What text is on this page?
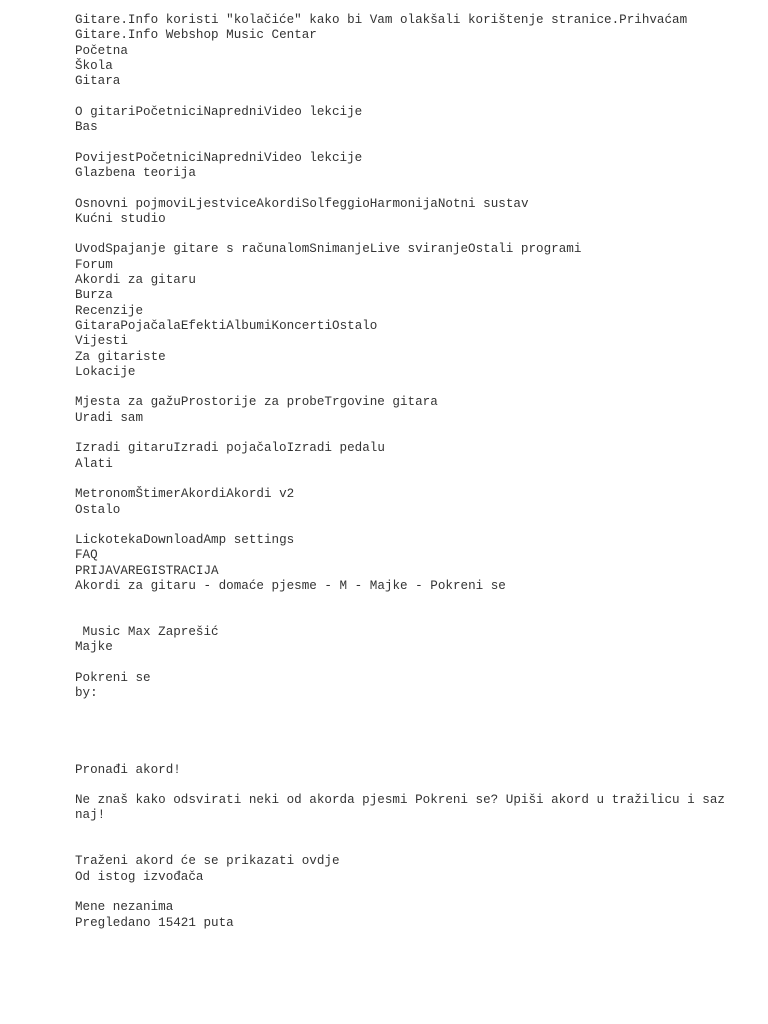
Gitare.Info koristi "kolačiće" kako bi Vam olakšali korištenje stranice.Prihvaćam
Gitare.Info Webshop Music Centar
Početna
Škola
Gitara
O gitariPočetniciNapredniVideo lekcije
Bas
PovijestPočetniciNapredniVideo lekcije
Glazbena teorija
Osnovni pojmoviLjestviceAkordiSolfeggioHarmonijaNotni sustav
Kućni studio
UvodSpajanje gitare s računalomSnimanjeLive sviranjeOstali programi
Forum
Akordi za gitaru
Burza
Recenzije
GitaraPojačalaEfektiAlbumiKoncertiOstalo
Vijesti
Za gitariste
Lokacije
Mjesta za gažuProstorije za probeTrgovine gitara
Uradi sam
Izradi gitaruIzradi pojačaloIzradi pedalu
Alati
MetronomŠtimerAkordiAkordi v2
Ostalo
LickotekaDownloadAmp settings
FAQ
PRIJAVAREGISTRACIJA
Akordi za gitaru - domaće pjesme - M - Majke - Pokreni se
Music Max Zaprešić
Majke
Pokreni se
by:
Pronađi akord!
Ne znaš kako odsvirati neki od akorda pjesmi Pokreni se? Upiši akord u tražilicu i saz naj!
Traženi akord će se prikazati ovdje
Od istog izvođača
Mene nezanima
Pregledano 15421 puta
